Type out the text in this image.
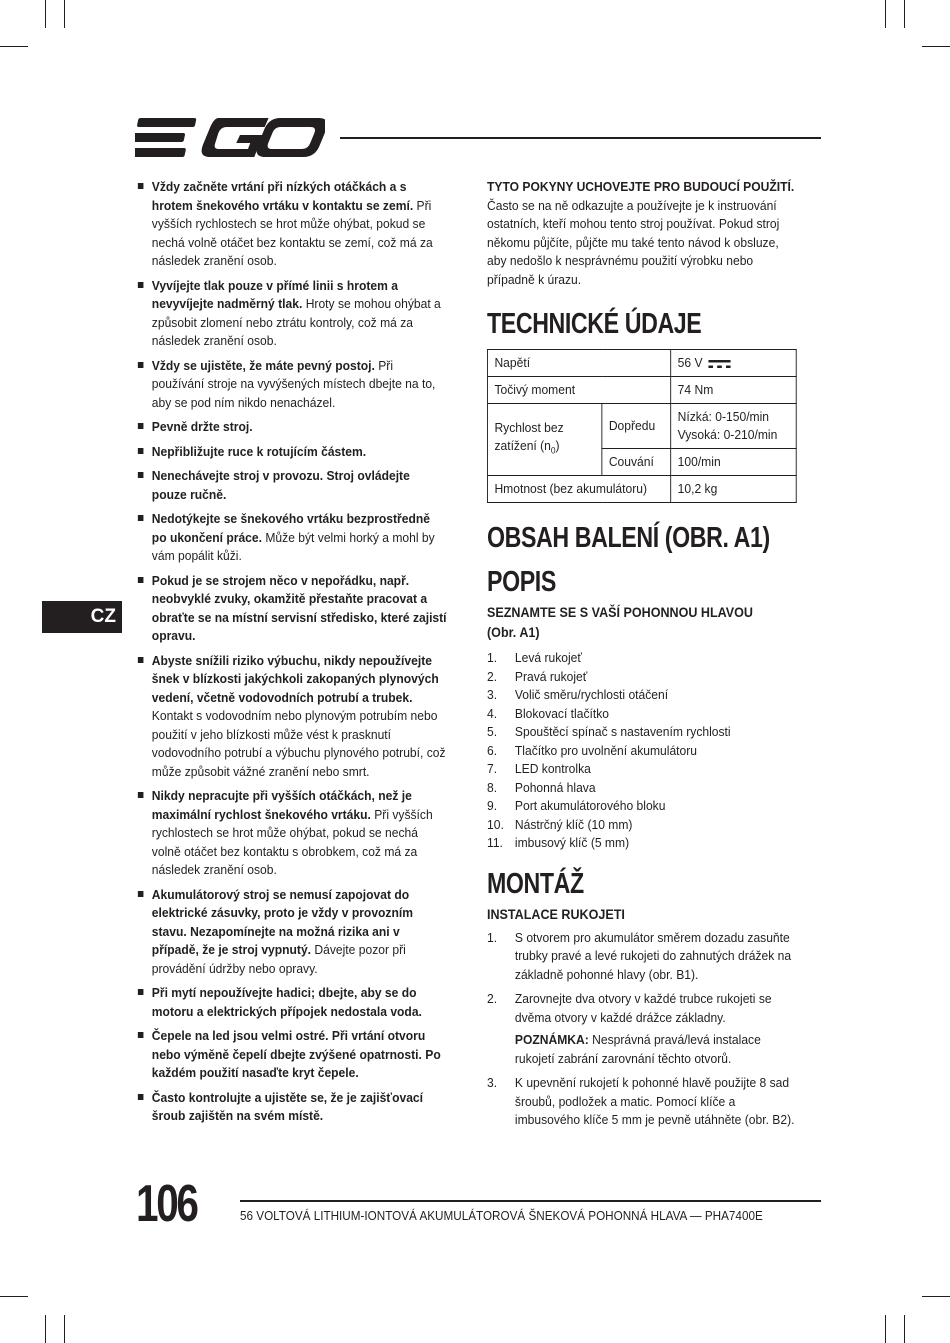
CZ
Vždy začněte vrtání při nízkých otáčkách a s hrotem šnekového vrtáku v kontaktu se zemí. Při vyšších rychlostech se hrot může ohýbat, pokud se nechá volně otáčet bez kontaktu se zemí, což má za následek zranění osob.
Vyvíjejte tlak pouze v přímé linii s hrotem a nevyvíjejte nadměrný tlak. Hroty se mohou ohýbat a způsobit zlomení nebo ztrátu kontroly, což má za následek zranění osob.
Vždy se ujistěte, že máte pevný postoj. Při používání stroje na vyvýšených místech dbejte na to, aby se pod ním nikdo nenacházel.
Pevně držte stroj.
Nepřibližujte ruce k rotujícím částem.
Nenechávejte stroj v provozu. Stroj ovládejte pouze ručně.
Nedotýkejte se šnekového vrtáku bezprostředně po ukončení práce. Může být velmi horký a mohl by vám popálit kůži.
Pokud je se strojem něco v nepořádku, např. neobvyklé zvuky, okamžitě přestaňte pracovat a obraťte se na místní servisní středisko, které zajistí opravu.
Abyste snížili riziko výbuchu, nikdy nepoužívejte šnek v blízkosti jakýchkoli zakopaných plynových vedení, včetně vodovodních potrubí a trubek. Kontakt s vodovodním nebo plynovým potrubím nebo použití v jeho blízkosti může vést k prasknutí vodovodního potrubí a výbuchu plynového potrubí, což může způsobit vážné zranění nebo smrt.
Nikdy nepracujte při vyšších otáčkách, než je maximální rychlost šnekového vrtáku. Při vyšších rychlostech se hrot může ohýbat, pokud se nechá volně otáčet bez kontaktu s obrobkem, což má za následek zranění osob.
Akumulátorový stroj se nemusí zapojovat do elektrické zásuvky, proto je vždy v provozním stavu. Nezapomínejte na možná rizika ani v případě, že je stroj vypnutý. Dávejte pozor při provádění údržby nebo opravy.
Při mytí nepoužívejte hadici; dbejte, aby se do motoru a elektrických přípojek nedostala voda.
Čepele na led jsou velmi ostré. Při vrtání otvoru nebo výměně čepelí dbejte zvýšené opatrnosti. Po každém použití nasaďte kryt čepele.
Často kontrolujte a ujistěte se, že je zajišťovací šroub zajištěn na svém místě.

TYTO POKYNY UCHOVEJTE PRO BUDOUCÍ POUŽITÍ.

Často se na ně odkazujte a používejte je k instruování ostatních, kteří mohou tento stroj používat. Pokud stroj někomu půjčíte, půjčte mu také tento návod k obsluze, aby nedošlo k nesprávnému použití výrobku nebo případně k úrazu.

TECHNICKÉ ÚDAJE
Napětí		56 V
Točivý moment		74 Nm
Rychlost bez zatížení $(n_0)$	Dopředu	Nízká: 0-150/min
Vysoká: 0-210/min

	Couvání	100/min
Hmotnost (bez akumulátoru)		10,2 kg
OBSAH BALENÍ (OBR. A1)
POPIS
SEZNAMTE SE S VAŠÍ POHONNOU HLAVOU
(Obr. A1)
1. Levá rukojeť
2. Pravá rukojeť
3. Volič směru/rychlosti otáčení
4. Blokovací tlačítko
5. Spouštěcí spínač s nastavením rychlosti
6. Tlačítko pro uvolnění akumulátoru
7. LED kontrolka
8. Pohonná hlava
9. Port akumulátorového bloku
10. Nástrčný klíč (10 mm)
11. imbusový klíč (5 mm)
MONTÁŽ
INSTALACE RUKOJETI
1. S otvorem pro akumulátor směrem dozadu zasuňte trubky pravé a levé rukojeti do zahnutých drážek na základně pohonné hlavy (obr. B1).
2. Zarovnejte dva otvory v každé trubce rukojeti se dvěma otvory v každé drážce základny.
POZNÁMKA: Nesprávná pravá/levá instalace rukojetí zabrání zarovnání těchto otvorů.
3. K upevnění rukojetí k pohonné hlavě použijte 8 sad šroubů, podložek a matic. Pomocí klíče a imbusového klíče 5 mm je pevně utáhněte (obr. B2).
106	56 VOLTOVÁ LITHIUM-IONTOVÁ AKUMULÁTOROVÁ ŠNEKOVÁ POHONNÁ HLAVA — PHA7400E
